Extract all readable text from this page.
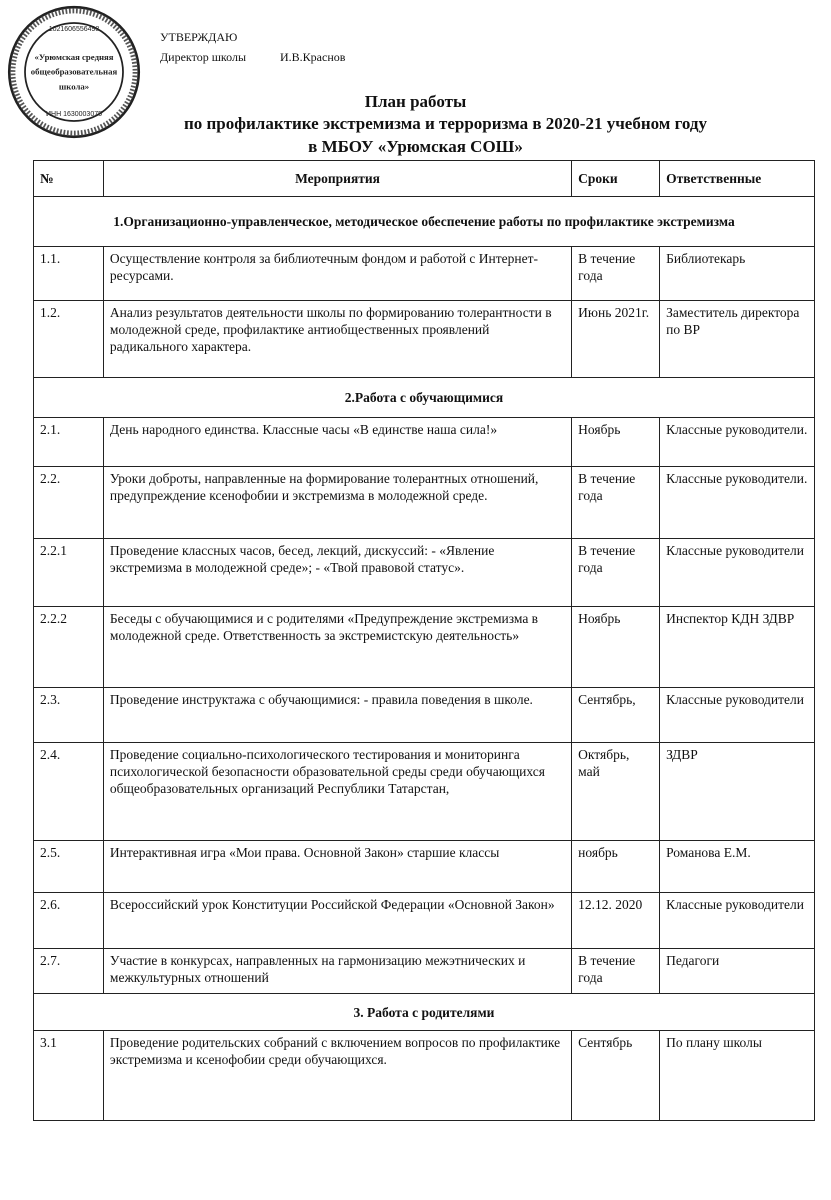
1021606556498
«Урюмская средняя
общеобразовательная
школа»
ИНН 1630003075
УТВЕРЖДАЮ
Директор школы	И.В.Краснов
План работы
по профилактике экстремизма и терроризма в 2020-21 учебном году
в МБОУ «Урюмская СОШ»
№	Мероприятия	Сроки	Ответственные
1.Организационно-управленческое, методическое обеспечение работы по профилактике экстремизма			
1.1.	Осуществление контроля за библиотечным фондом и работой с Интернет-ресурсами.	В течение года	Библиотекарь
1.2.	Анализ результатов деятельности школы по формированию толерантности в молодежной среде, профилактике антиобщественных проявлений радикального характера.	Июнь 2021г.	Заместитель директора по ВР
2.Работа с обучающимися			
2.1.	День народного единства. Классные часы «В единстве наша сила!»	Ноябрь	Классные руководители.
2.2.	Уроки доброты, направленные на формирование толерантных отношений, предупреждение ксенофобии и экстремизма в молодежной среде.	В течение года	Классные руководители.
2.2.1	Проведение классных часов, бесед, лекций, дискуссий: - «Явление экстремизма в молодежной среде»; - «Твой правовой статус».	В течение года	Классные руководители
2.2.2	Беседы с обучающимися и с родителями «Предупреждение экстремизма в молодежной среде. Ответственность за экстремистскую деятельность»	Ноябрь	Инспектор КДН ЗДВР
2.3.	Проведение инструктажа с обучающимися: - правила поведения в школе.	Сентябрь,	Классные руководители
2.4.	Проведение социально-психологического тестирования и мониторинга психологической безопасности образовательной среды среди обучающихся общеобразовательных организаций Республики Татарстан,	Октябрь, май	ЗДВР
2.5.	Интерактивная игра «Мои права. Основной Закон» старшие классы	ноябрь	Романова Е.М.
2.6.	Всероссийский урок Конституции Российской Федерации «Основной Закон»	12.12. 2020	Классные руководители
2.7.	Участие в конкурсах, направленных на гармонизацию межэтнических и межкультурных отношений	В течение года	Педагоги
3. Работа с родителями			
3.1	Проведение родительских собраний с включением вопросов по профилактике экстремизма и ксенофобии среди обучающихся.	Сентябрь	По плану школы
